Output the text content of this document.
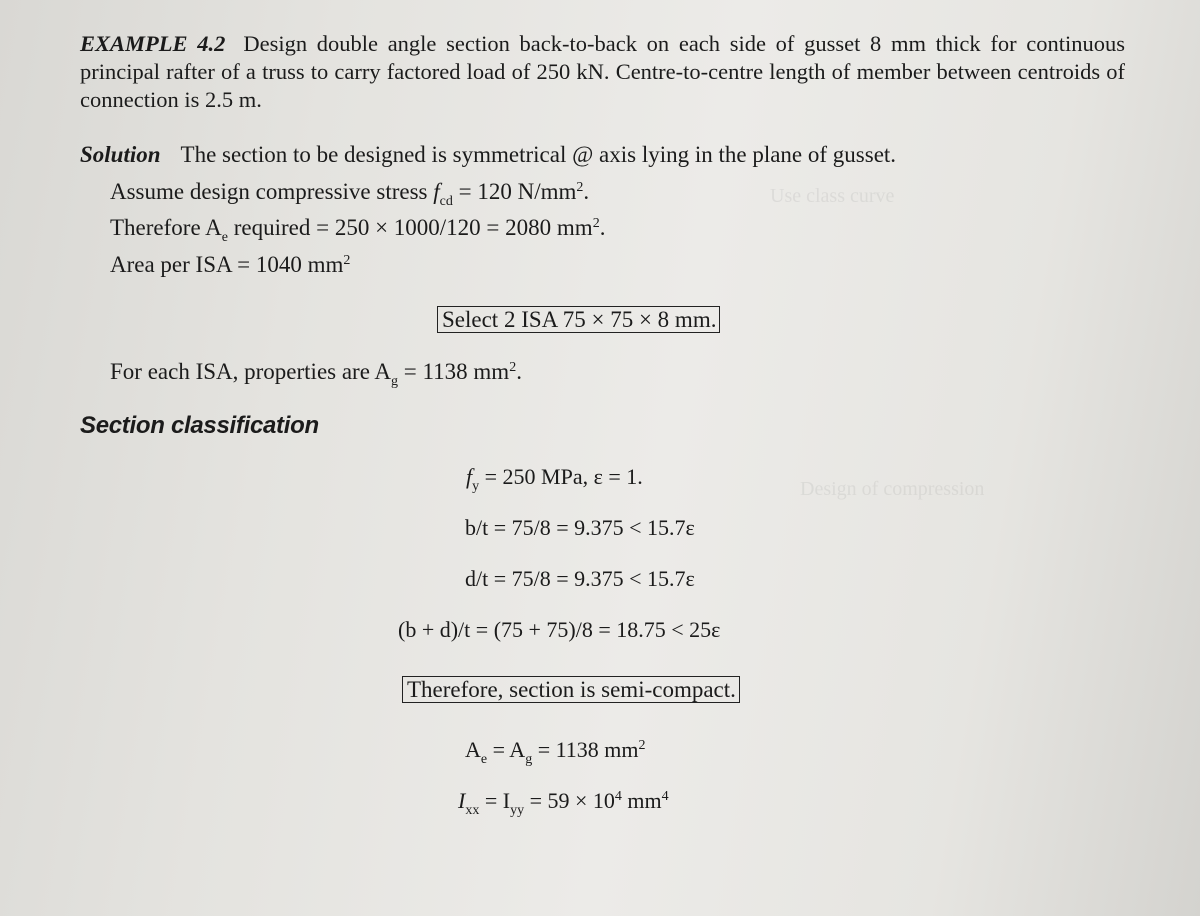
Use class curve
Design of compression
EXAMPLE 4.2 Design double angle section back-to-back on each side of gusset 8 mm thick for continuous principal rafter of a truss to carry factored load of 250 kN. Centre-to-centre length of member between centroids of connection is 2.5 m.
Solution The section to be designed is symmetrical @ axis lying in the plane of gusset.
Assume design compressive stress $f_{cd} = 120$ $N/mm^2$.
Therefore $A_e$ required = 250 × 1000/120 = 2080 $mm^2$.
Area per ISA = 1040 $mm^2$
Select 2 ISA 75 × 75 × 8 mm.
For each ISA, properties are $A_g = 1138$ $mm^2$.
Section classification
$f_y = 250$ MPa, ε = 1.
b/t = 75/8 = 9.375 < 15.7ε
d/t = 75/8 = 9.375 < 15.7ε
(b + d)/t = (75 + 75)/8 = 18.75 < 25ε
Therefore, section is semi-compact.
$A_e = A_g = 1138$ $mm^2$
$I_{xx} = I_{yy} = 59 \times 10^4$ $mm^4$
